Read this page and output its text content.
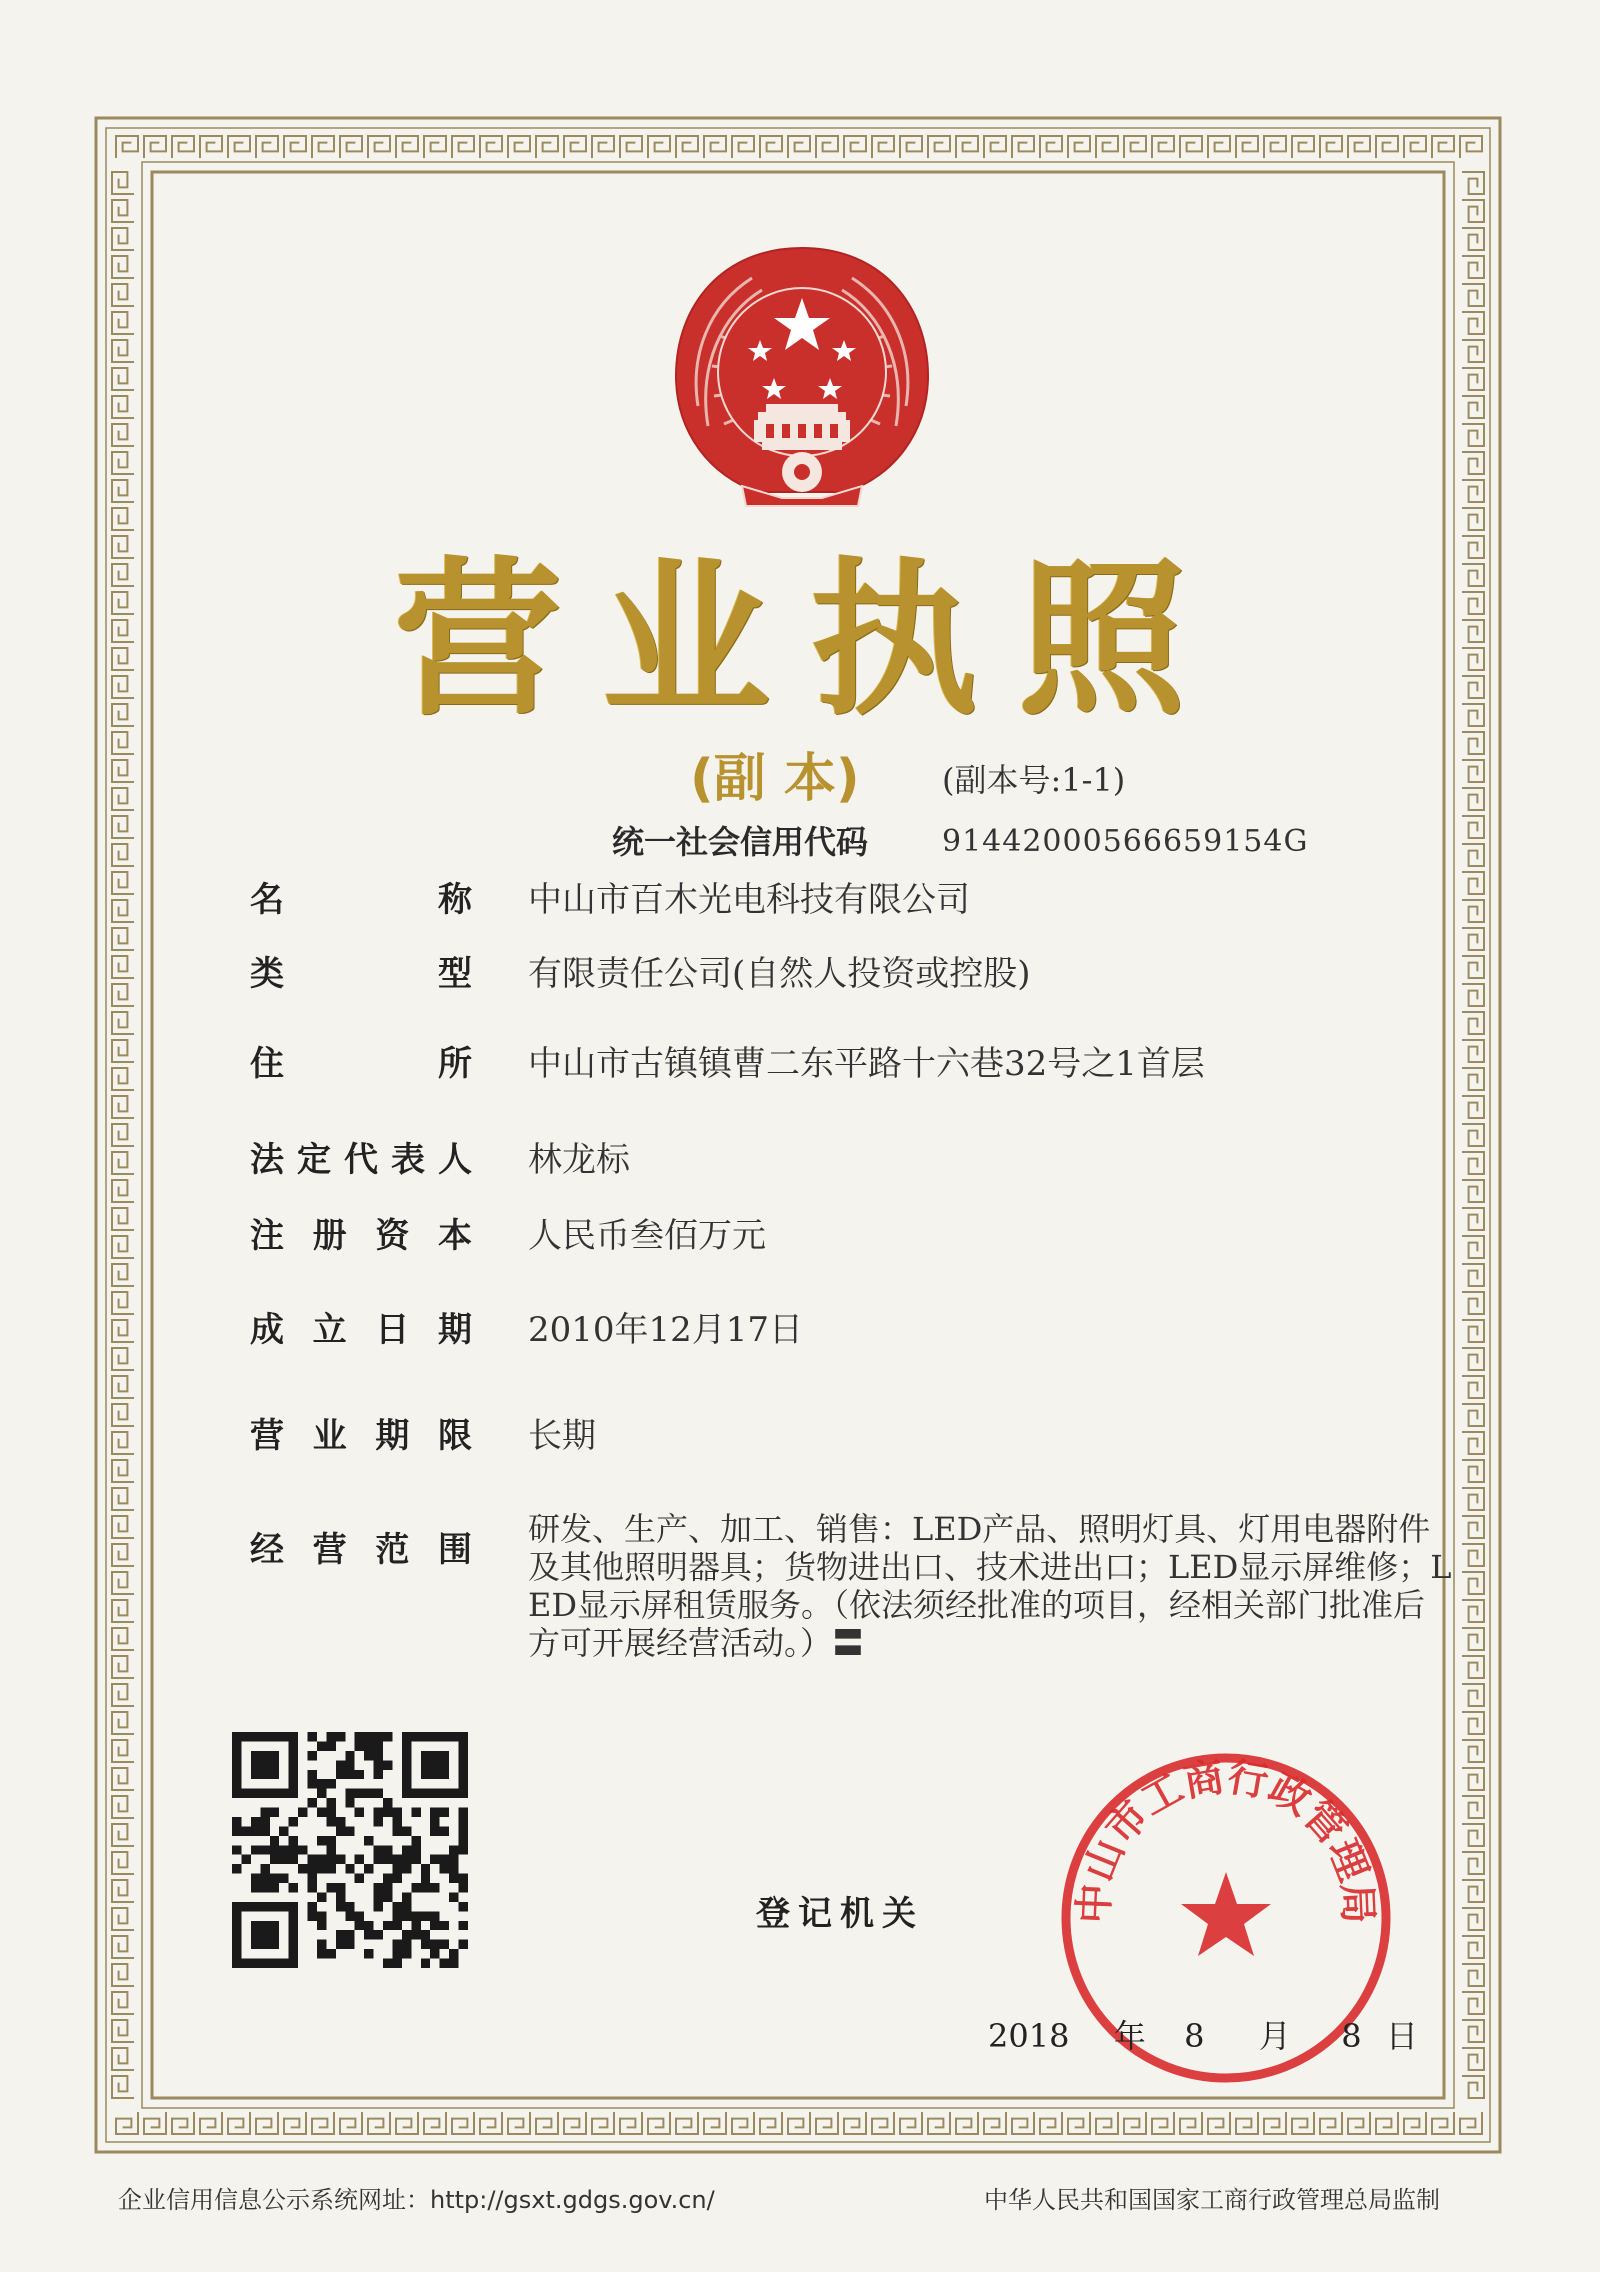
营业执照
(副 本)	(副本号:1-1)
统一社会信用代码 91442000566659154G
名	称 中山市百木光电科技有限公司
类	型 有限责任公司(自然人投资或控股)
住	所 中山市古镇镇曹二东平路十六巷32号之1首层
法 定 代 表 人 林龙标
注 册 资 本 人民币叁佰万元
成 立 日 期 2010年12月17日
营 业 期 限 长期
经 营 范 围
研发、生产、加工、销售：LED产品、照明灯具、灯用电器附件
及其他照明器具；货物进出口、技术进出口；LED显示屏维修；L
ED显示屏租赁服务。（依法须经批准的项目，经相关部门批准后
方可开展经营活动。）〓
登记机关	中山市工商行政管理局
2018 年 8 月 8 日
企业信用信息公示系统网址：http://gsxt.gdgs.gov.cn/	中华人民共和国国家工商行政管理总局监制
